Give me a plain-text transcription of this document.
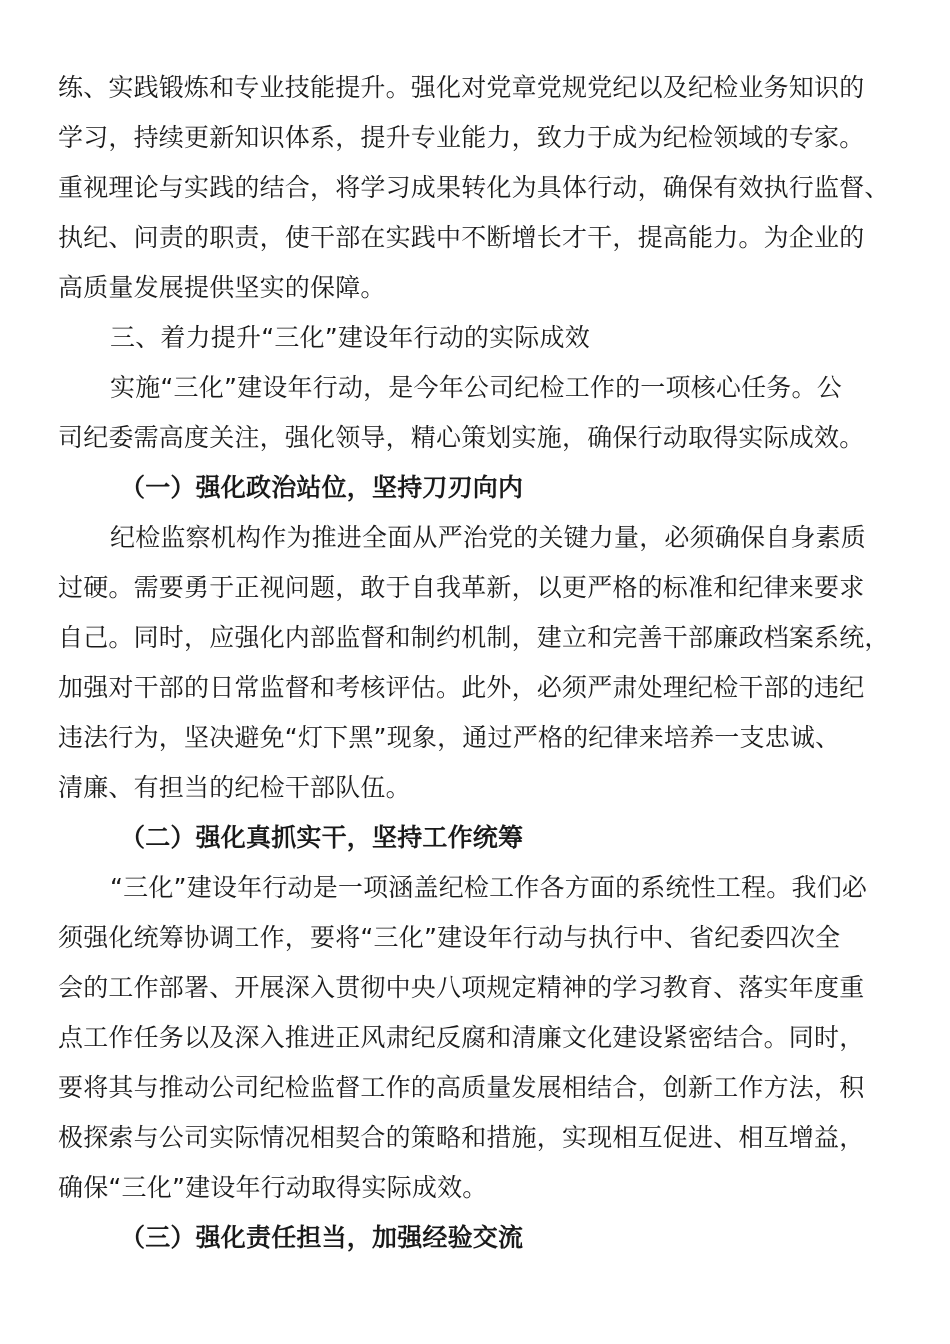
练、实践锻炼和专业技能提升。强化对党章党规党纪以及纪检业务知识的
学习，持续更新知识体系，提升专业能力，致力于成为纪检领域的专家。
重视理论与实践的结合，将学习成果转化为具体行动，确保有效执行监督、
执纪、问责的职责，使干部在实践中不断增长才干，提高能力。为企业的
高质量发展提供坚实的保障。
三、着力提升“三化”建设年行动的实际成效
实施“三化”建设年行动，是今年公司纪检工作的一项核心任务。公
司纪委需高度关注，强化领导，精心策划实施，确保行动取得实际成效。
（一）强化政治站位，坚持刀刃向内
纪检监察机构作为推进全面从严治党的关键力量，必须确保自身素质
过硬。需要勇于正视问题，敢于自我革新，以更严格的标准和纪律来要求
自己。同时，应强化内部监督和制约机制，建立和完善干部廉政档案系统，
加强对干部的日常监督和考核评估。此外，必须严肃处理纪检干部的违纪
违法行为，坚决避免“灯下黑”现象，通过严格的纪律来培养一支忠诚、
清廉、有担当的纪检干部队伍。
（二）强化真抓实干，坚持工作统筹
“三化”建设年行动是一项涵盖纪检工作各方面的系统性工程。我们必
须强化统筹协调工作，要将“三化”建设年行动与执行中、省纪委四次全
会的工作部署、开展深入贯彻中央八项规定精神的学习教育、落实年度重
点工作任务以及深入推进正风肃纪反腐和清廉文化建设紧密结合。同时，
要将其与推动公司纪检监督工作的高质量发展相结合，创新工作方法，积
极探索与公司实际情况相契合的策略和措施，实现相互促进、相互增益，
确保“三化”建设年行动取得实际成效。
（三）强化责任担当，加强经验交流
